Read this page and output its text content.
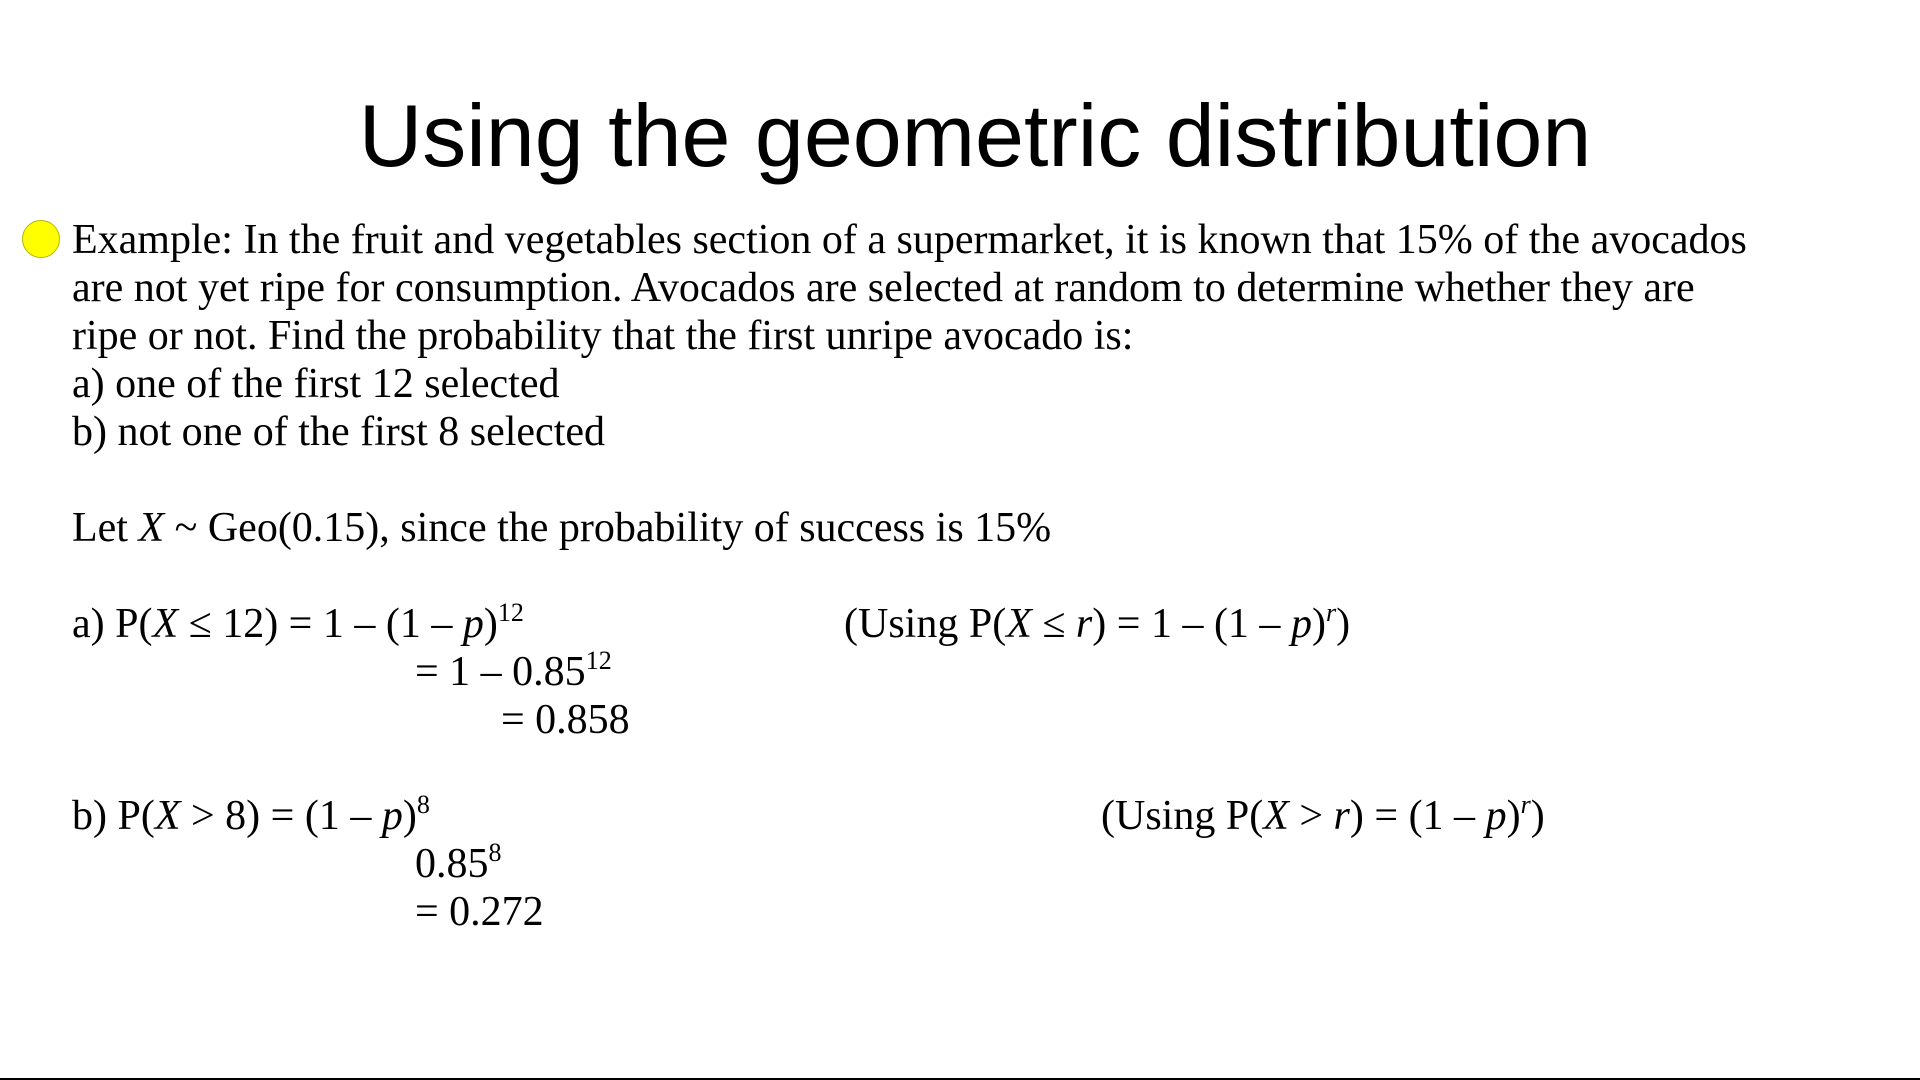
Using the geometric distribution
Example: In the fruit and vegetables section of a supermarket, it is known that 15% of the avocados
are not yet ripe for consumption. Avocados are selected at random to determine whether they are
ripe or not. Find the probability that the first unripe avocado is:
a) one of the first 12 selected
b) not one of the first 8 selected
Let X ~ Geo(0.15), since the probability of success is 15%
a) P(X ≤ 12) = 1 – (1 – p)$^{12}$	(Using P(X ≤ r) = 1 – (1 – p)$^r$)
= $1 - 0.85^{12}$
= 0.858
b) P(X > 8) = (1 – p)$^8$	(Using P(X > r) = (1 – p)$^r$)
$0.85^8$
= 0.272
